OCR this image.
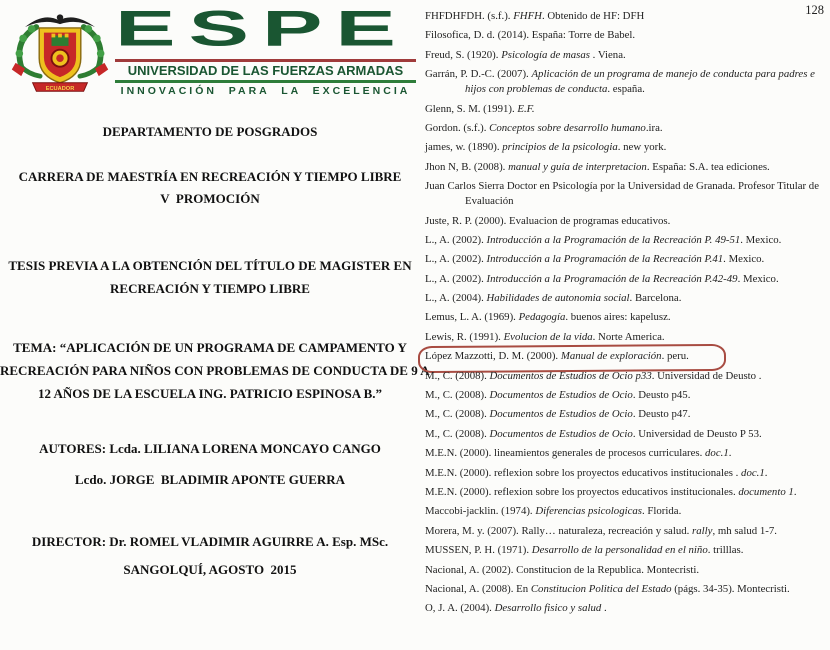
ECUADOR
ESPE
UNIVERSIDAD DE LAS FUERZAS ARMADAS
INNOVACIÓN  PARA  LA  EXCELENCIA
DEPARTAMENTO DE POSGRADOS
CARRERA DE MAESTRÍA EN RECREACIÓN Y TIEMPO LIBRE
V  PROMOCIÓN
TESIS PREVIA A LA OBTENCIÓN DEL TÍTULO DE MAGISTER EN
RECREACIÓN Y TIEMPO LIBRE
TEMA: “APLICACIÓN DE UN PROGRAMA DE CAMPAMENTO Y
RECREACIÓN PARA NIÑOS CON PROBLEMAS DE CONDUCTA DE 9 A
12 AÑOS DE LA ESCUELA ING. PATRICIO ESPINOSA B.”
AUTORES: Lcda. LILIANA LORENA MONCAYO CANGO
Lcdo. JORGE  BLADIMIR APONTE GUERRA
DIRECTOR: Dr. ROMEL VLADIMIR AGUIRRE A. Esp. MSc.
SANGOLQUÍ, AGOSTO  2015
128
FHFDHFDH. (s.f.). FHFH. Obtenido de HF: DFH
Filosofica, D. d. (2014). España: Torre de Babel.
Freud, S. (1920). Psicología de masas . Viena.
Garrán, P. D.-C. (2007). Aplicación de un programa de manejo de conducta para padres e hijos con problemas de conducta. españa.
Glenn, S. M. (1991). E.F.
Gordon. (s.f.). Conceptos sobre desarrollo humano.ira.
james, w. (1890). principios de la psicologia. new york.
Jhon N, B. (2008). manual y guía de interpretacion. España: S.A. tea ediciones.
Juan Carlos Sierra Doctor en Psicología por la Universidad de Granada. Profesor Titular de Evaluación
Juste, R. P. (2000). Evaluacion de programas educativos.
L., A. (2002). Introducción a la Programación de la Recreación P. 49-51. Mexico.
L., A. (2002). Introducción a la Programación de la Recreación P.41. Mexico.
L., A. (2002). Introducción a la Programación de la Recreación P.42-49. Mexico.
L., A. (2004). Habilidades de autonomia social. Barcelona.
Lemus, L. A. (1969). Pedagogía. buenos aires: kapelusz.
Lewis, R. (1991). Evolucion de la vida. Norte America.
López Mazzotti, D. M. (2000). Manual de exploración. peru.
M., C. (2008). Documentos de Estudios de Ocio p33. Universidad de Deusto .
M., C. (2008). Documentos de Estudios de Ocio. Deusto p45.
M., C. (2008). Documentos de Estudios de Ocio. Deusto p47.
M., C. (2008). Documentos de Estudios de Ocio. Universidad de Deusto P 53.
M.E.N. (2000). lineamientos generales de procesos curriculares. doc.1.
M.E.N. (2000). reflexion sobre los proyectos educativos institucionales . doc.1.
M.E.N. (2000). reflexion sobre los proyectos educativos institucionales. documento 1.
Maccobi-jacklin. (1974). Diferencias psicologicas. Florida.
Morera, M. y. (2007). Rally… naturaleza, recreación y salud. rally, mh salud 1-7.
MUSSEN, P. H. (1971). Desarrollo de la personalidad en el niño. trilllas.
Nacional, A. (2002). Constitucion de la Republica. Montecristi.
Nacional, A. (2008). En Constitucion Politica del Estado (págs. 34-35). Montecristi.
O, J. A. (2004). Desarrollo fisico y salud .
